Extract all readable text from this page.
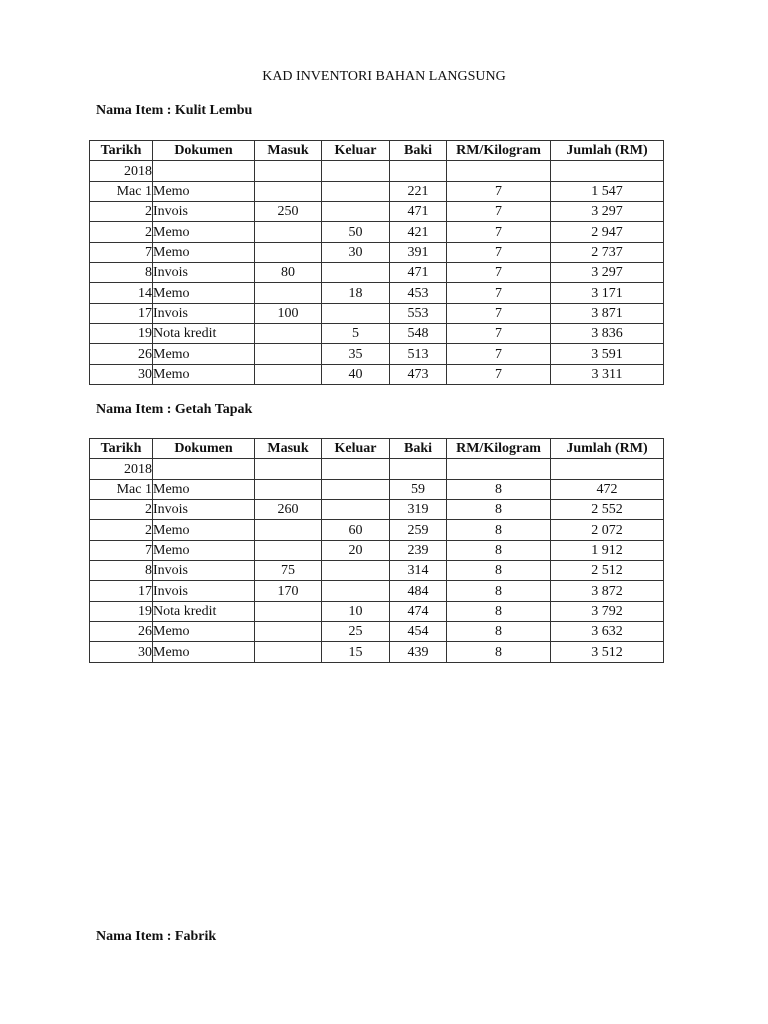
KAD INVENTORI BAHAN LANGSUNG
Nama Item : Kulit Lembu
Tarikh	Dokumen	Masuk	Keluar	Baki	RM/Kilogram	Jumlah (RM)
2018						
Mac 1	Memo			221	7	1 547
2	Invois	250		471	7	3 297
2	Memo		50	421	7	2 947
7	Memo		30	391	7	2 737
8	Invois	80		471	7	3 297
14	Memo		18	453	7	3 171
17	Invois	100		553	7	3 871
19	Nota kredit		5	548	7	3 836
26	Memo		35	513	7	3 591
30	Memo		40	473	7	3 311
Nama Item : Getah Tapak
Tarikh	Dokumen	Masuk	Keluar	Baki	RM/Kilogram	Jumlah (RM)
2018						
Mac 1	Memo			59	8	472
2	Invois	260		319	8	2 552
2	Memo		60	259	8	2 072
7	Memo		20	239	8	1 912
8	Invois	75		314	8	2 512
17	Invois	170		484	8	3 872
19	Nota kredit		10	474	8	3 792
26	Memo		25	454	8	3 632
30	Memo		15	439	8	3 512
Nama Item : Fabrik
